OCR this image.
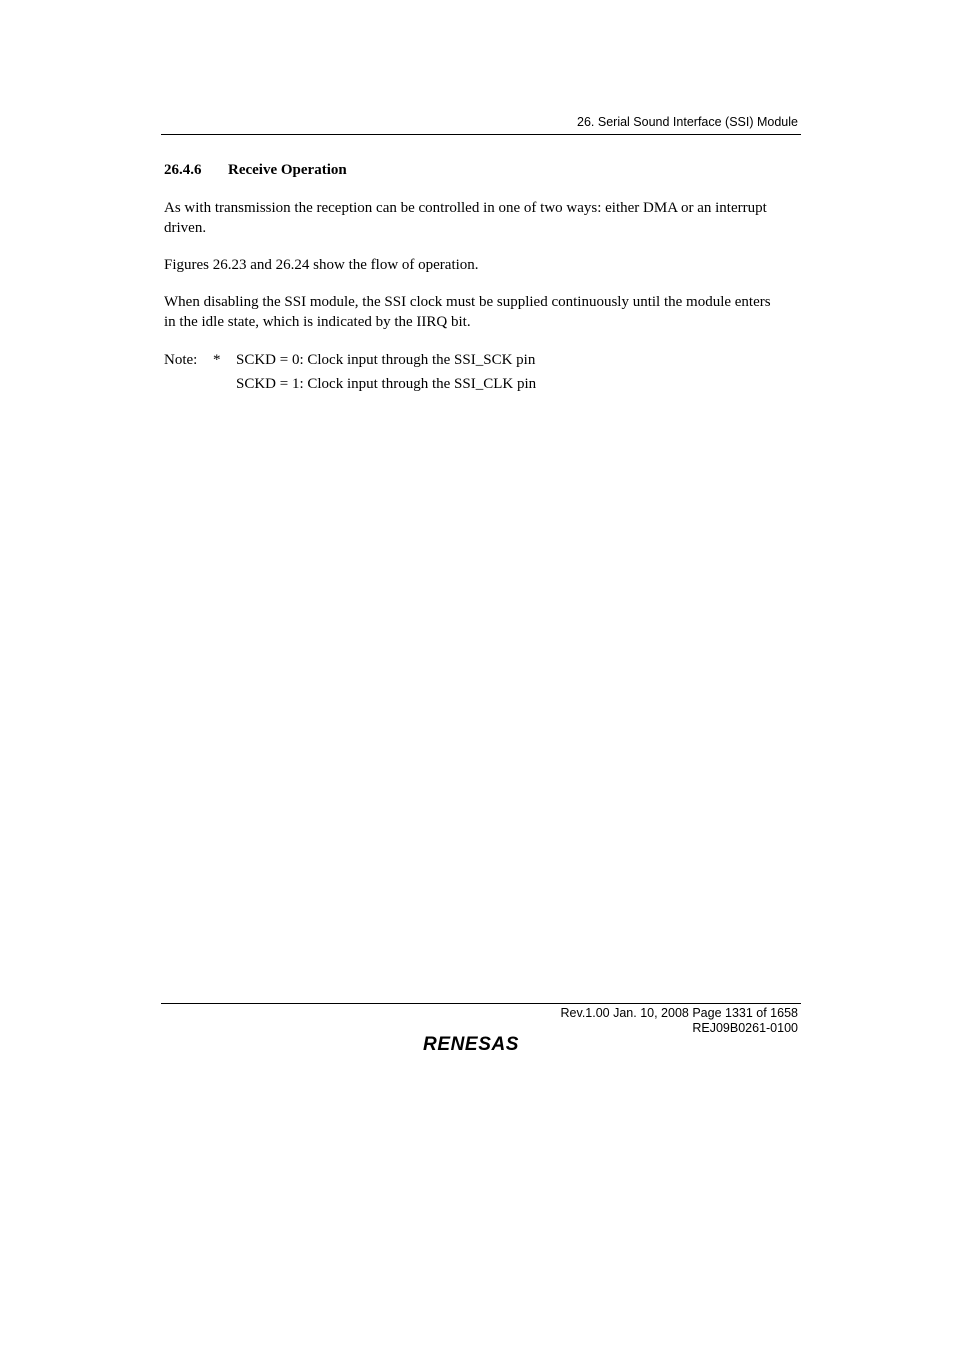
26. Serial Sound Interface (SSI) Module
26.4.6 Receive Operation

As with transmission the reception can be controlled in one of two ways: either DMA or an interrupt driven.

Figures 26.23 and 26.24 show the flow of operation.

When disabling the SSI module, the SSI clock must be supplied continuously until the module enters in the idle state, which is indicated by the IIRQ bit.

Note: * SCKD = 0: Clock input through the SSI_SCK pin
SCKD = 1: Clock input through the SSI_CLK pin
Rev.1.00 Jan. 10, 2008 Page 1331 of 1658
REJ09B0261-0100
RENESAS
